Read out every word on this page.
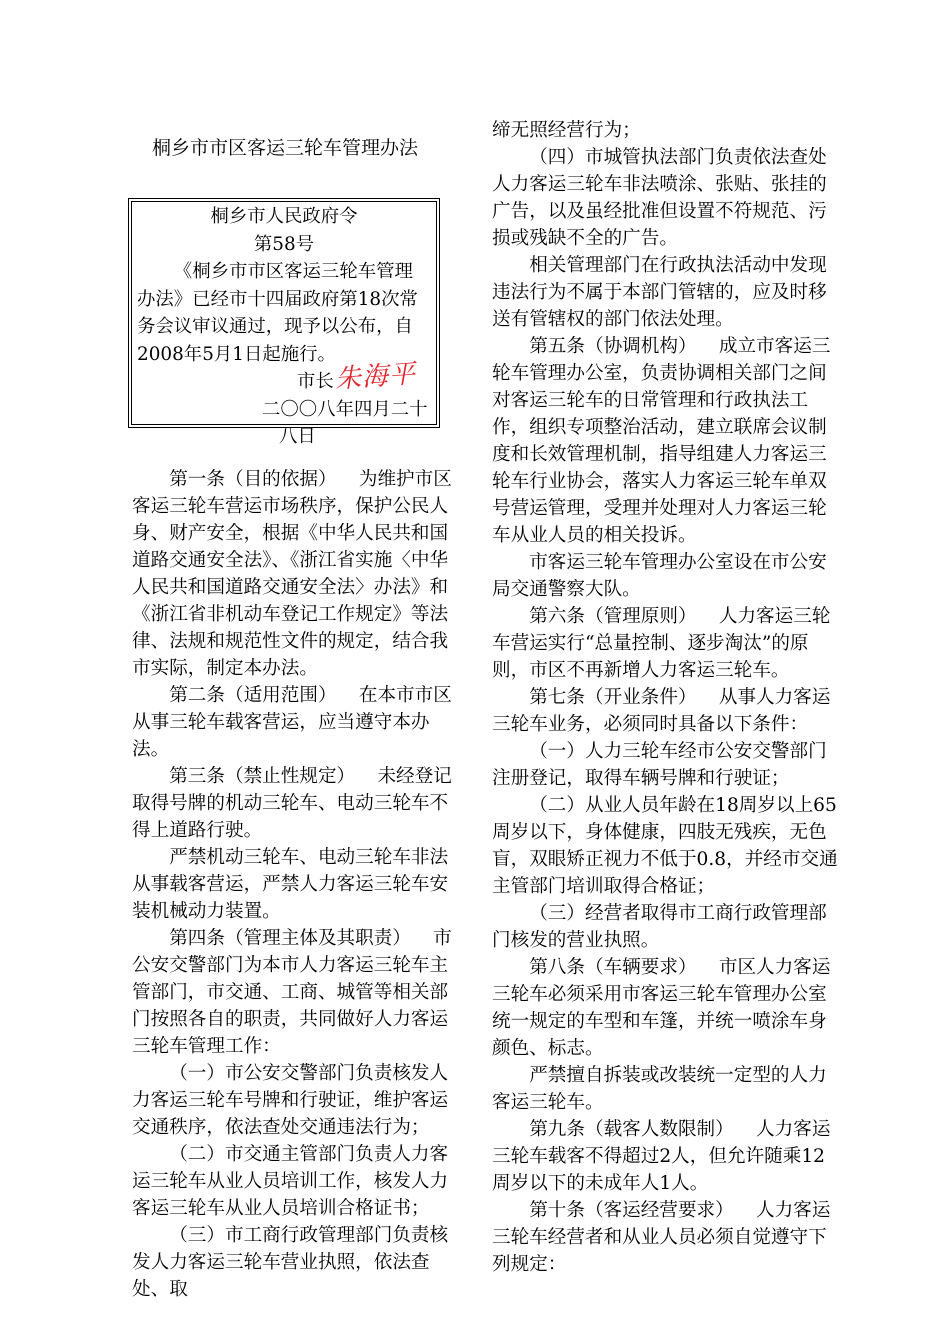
桐乡市市区客运三轮车管理办法

桐乡市人民政府令

第58号

《桐乡市市区客运三轮车管理办法》已经市十四届政府第18次常务会议审议通过，现予以公布，自2008年5月1日起施行。

市长 朱海平

二〇〇八年四月二十

八日

第一条（目的依据） 为维护市区客运三轮车营运市场秩序，保护公民人身、财产安全，根据《中华人民共和国道路交通安全法》、《浙江省实施〈中华人民共和国道路交通安全法〉办法》和《浙江省非机动车登记工作规定》等法律、法规和规范性文件的规定，结合我市实际，制定本办法。

第二条（适用范围） 在本市市区从事三轮车载客营运，应当遵守本办法。

第三条（禁止性规定） 未经登记取得号牌的机动三轮车、电动三轮车不得上道路行驶。

严禁机动三轮车、电动三轮车非法从事载客营运，严禁人力客运三轮车安装机械动力装置。

第四条（管理主体及其职责） 市公安交警部门为本市人力客运三轮车主管部门，市交通、工商、城管等相关部门按照各自的职责，共同做好人力客运三轮车管理工作：

（一）市公安交警部门负责核发人力客运三轮车号牌和行驶证，维护客运交通秩序，依法查处交通违法行为；

（二）市交通主管部门负责人力客运三轮车从业人员培训工作，核发人力客运三轮车从业人员培训合格证书；

（三）市工商行政管理部门负责核发人力客运三轮车营业执照，依法查处、取

缔无照经营行为；

（四）市城管执法部门负责依法查处人力客运三轮车非法喷涂、张贴、张挂的广告，以及虽经批准但设置不符规范、污损或残缺不全的广告。

相关管理部门在行政执法活动中发现违法行为不属于本部门管辖的，应及时移送有管辖权的部门依法处理。

第五条（协调机构） 成立市客运三轮车管理办公室，负责协调相关部门之间对客运三轮车的日常管理和行政执法工作，组织专项整治活动，建立联席会议制度和长效管理机制，指导组建人力客运三轮车行业协会，落实人力客运三轮车单双号营运管理，受理并处理对人力客运三轮车从业人员的相关投诉。

市客运三轮车管理办公室设在市公安局交通警察大队。

第六条（管理原则） 人力客运三轮车营运实行“总量控制、逐步淘汰”的原则，市区不再新增人力客运三轮车。

第七条（开业条件） 从事人力客运三轮车业务，必须同时具备以下条件：

（一）人力三轮车经市公安交警部门注册登记，取得车辆号牌和行驶证；

（二）从业人员年龄在18周岁以上65周岁以下，身体健康，四肢无残疾，无色盲，双眼矫正视力不低于0.8，并经市交通主管部门培训取得合格证；

（三）经营者取得市工商行政管理部门核发的营业执照。

第八条（车辆要求） 市区人力客运三轮车必须采用市客运三轮车管理办公室统一规定的车型和车篷，并统一喷涂车身颜色、标志。

严禁擅自拆装或改装统一定型的人力客运三轮车。

第九条（载客人数限制） 人力客运三轮车载客不得超过2人，但允许随乘12周岁以下的未成年人1人。

第十条（客运经营要求） 人力客运三轮车经营者和从业人员必须自觉遵守下列规定：
